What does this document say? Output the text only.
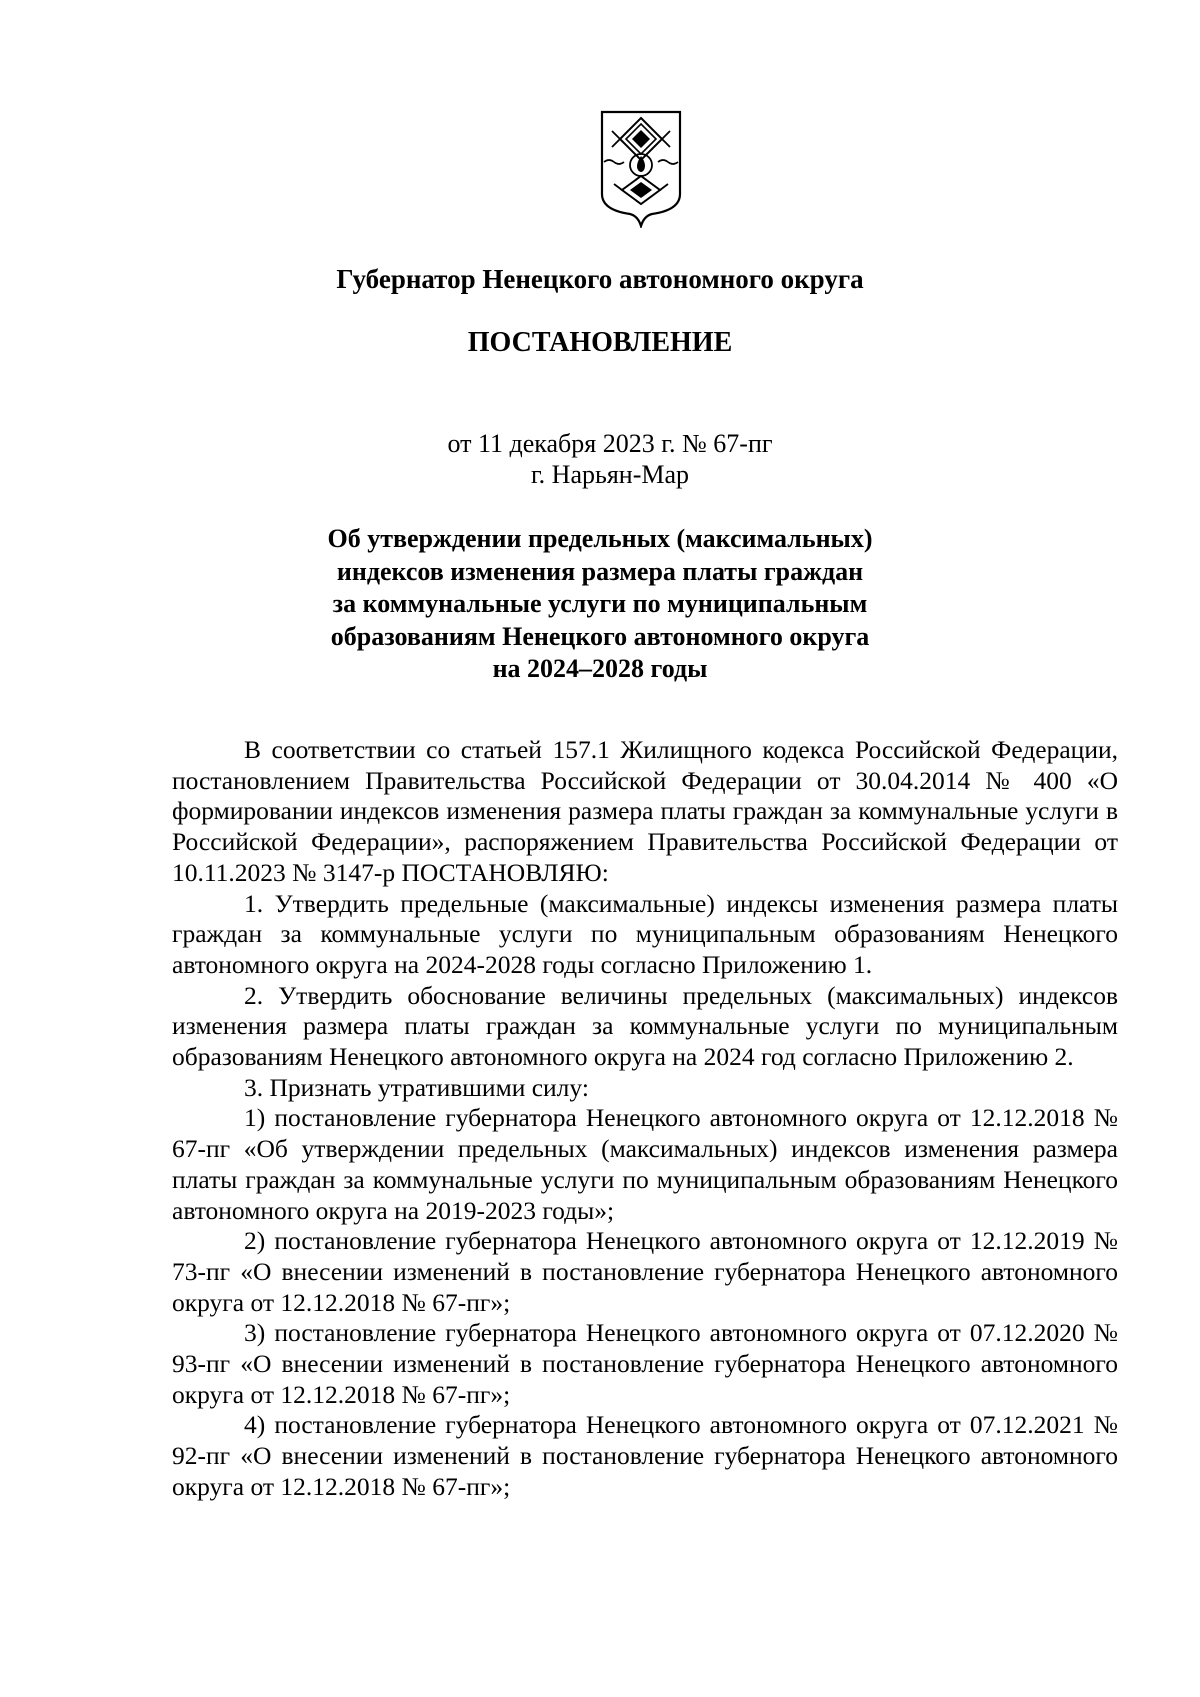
Губернатор Ненецкого автономного округа
ПОСТАНОВЛЕНИЕ
от 11 декабря 2023 г. № 67-пг
г. Нарьян-Мар
Об утверждении предельных (максимальных)
индексов изменения размера платы граждан
за коммунальные услуги по муниципальным
образованиям Ненецкого автономного округа
на 2024–2028 годы

В соответствии со статьей 157.1 Жилищного кодекса Российской Федерации, постановлением Правительства Российской Федерации от 30.04.2014 № 400 «О формировании индексов изменения размера платы граждан за коммунальные услуги в Российской Федерации», распоряжением Правительства Российской Федерации от 10.11.2023 № 3147-р ПОСТАНОВЛЯЮ:

1. Утвердить предельные (максимальные) индексы изменения размера платы граждан за коммунальные услуги по муниципальным образованиям Ненецкого автономного округа на 2024-2028 годы согласно Приложению 1.

2. Утвердить обоснование величины предельных (максимальных) индексов изменения размера платы граждан за коммунальные услуги по муниципальным образованиям Ненецкого автономного округа на 2024 год согласно Приложению 2.

3. Признать утратившими силу:

1) постановление губернатора Ненецкого автономного округа от 12.12.2018 № 67-пг «Об утверждении предельных (максимальных) индексов изменения размера платы граждан за коммунальные услуги по муниципальным образованиям Ненецкого автономного округа на 2019-2023 годы»;

2) постановление губернатора Ненецкого автономного округа от 12.12.2019 № 73-пг «О внесении изменений в постановление губернатора Ненецкого автономного округа от 12.12.2018 № 67-пг»;

3) постановление губернатора Ненецкого автономного округа от 07.12.2020 № 93-пг «О внесении изменений в постановление губернатора Ненецкого автономного округа от 12.12.2018 № 67-пг»;

4) постановление губернатора Ненецкого автономного округа от 07.12.2021 № 92-пг «О внесении изменений в постановление губернатора Ненецкого автономного округа от 12.12.2018 № 67-пг»;
